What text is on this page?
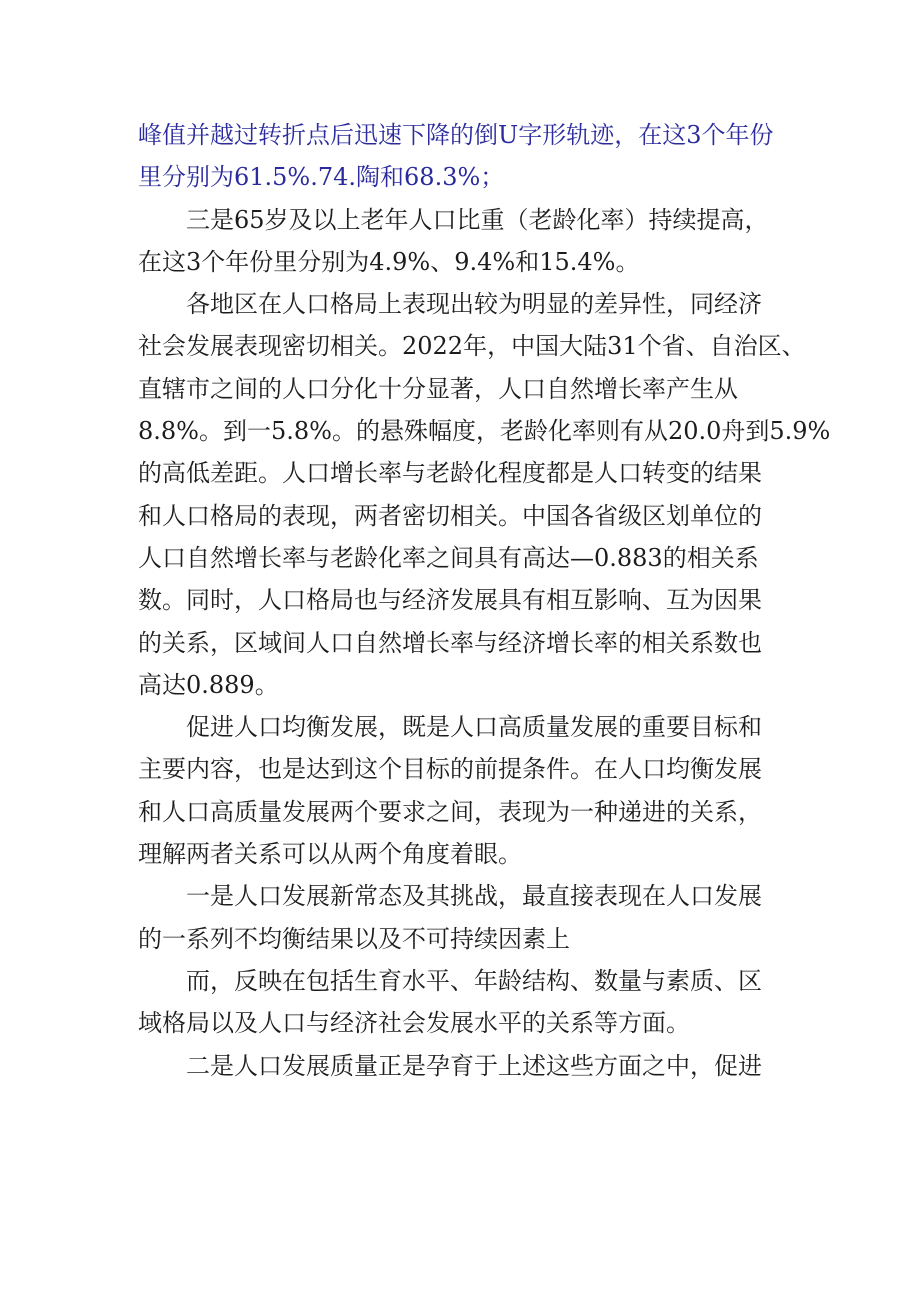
峰值并越过转折点后迅速下降的倒U字形轨迹，在这3个年份
里分别为61.5%.74.陶和68.3%；
三是65岁及以上老年人口比重（老龄化率）持续提高，
在这3个年份里分别为4.9%、9.4%和15.4%。
各地区在人口格局上表现出较为明显的差异性，同经济
社会发展表现密切相关。2022年，中国大陆31个省、自治区、
直辖市之间的人口分化十分显著，人口自然增长率产生从
8.8%。到一5.8%。的悬殊幅度，老龄化率则有从20.0舟到5.9%
的高低差距。人口增长率与老龄化程度都是人口转变的结果
和人口格局的表现，两者密切相关。中国各省级区划单位的
人口自然增长率与老龄化率之间具有高达—0.883的相关系
数。同时，人口格局也与经济发展具有相互影响、互为因果
的关系，区域间人口自然增长率与经济增长率的相关系数也
高达0.889。
促进人口均衡发展，既是人口高质量发展的重要目标和
主要内容，也是达到这个目标的前提条件。在人口均衡发展
和人口高质量发展两个要求之间，表现为一种递进的关系，
理解两者关系可以从两个角度着眼。
一是人口发展新常态及其挑战，最直接表现在人口发展
的一系列不均衡结果以及不可持续因素上
而，反映在包括生育水平、年龄结构、数量与素质、区
域格局以及人口与经济社会发展水平的关系等方面。
二是人口发展质量正是孕育于上述这些方面之中，促进
